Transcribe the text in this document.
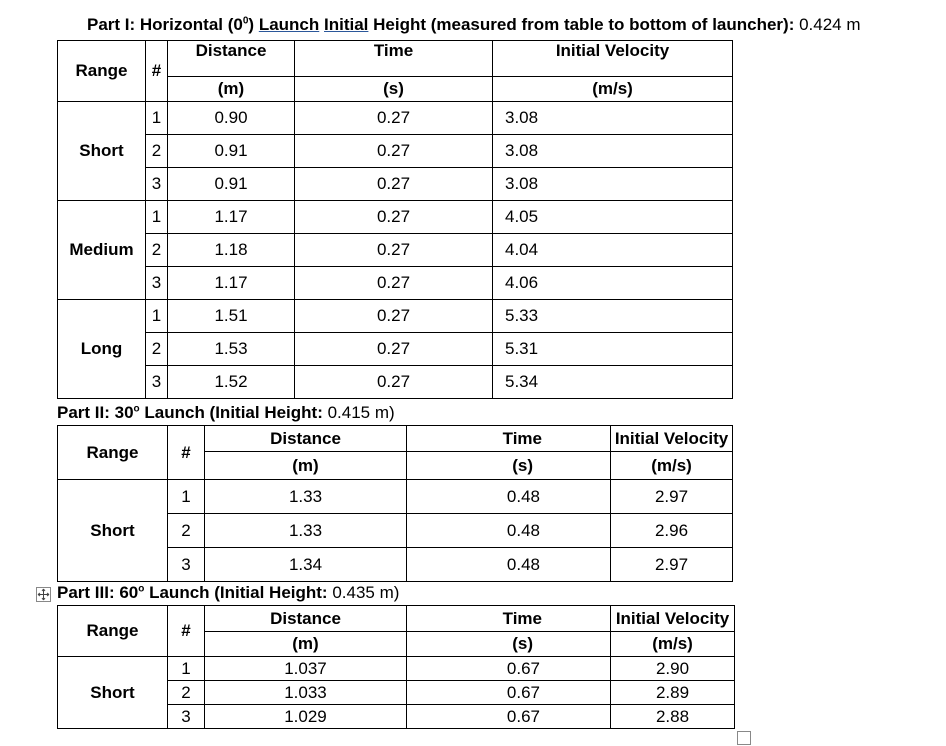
Part I: Horizontal $(0^0)$ Launch Initial Height (measured from table to bottom of launcher): 0.424 m
Range	#	Distance	Time	Initial Velocity
		(m)	(s)	(m/s)
Short	1	0.90	0.27	3.08
	2	0.91	0.27	3.08
	3	0.91	0.27	3.08
Medium	1	1.17	0.27	4.05
	2	1.18	0.27	4.04
	3	1.17	0.27	4.06
Long	1	1.51	0.27	5.33
	2	1.53	0.27	5.31
	3	1.52	0.27	5.34
Part II: 30$^o$ Launch (Initial Height: 0.415 m)
Range	#	Distance	Time	Initial Velocity
		(m)	(s)	(m/s)
Short	1	1.33	0.48	2.97
	2	1.33	0.48	2.96
	3	1.34	0.48	2.97
Part III: 60$^o$ Launch (Initial Height: 0.435 m)
Range	#	Distance	Time	Initial Velocity
		(m)	(s)	(m/s)
Short	1	1.037	0.67	2.90
	2	1.033	0.67	2.89
	3	1.029	0.67	2.88
